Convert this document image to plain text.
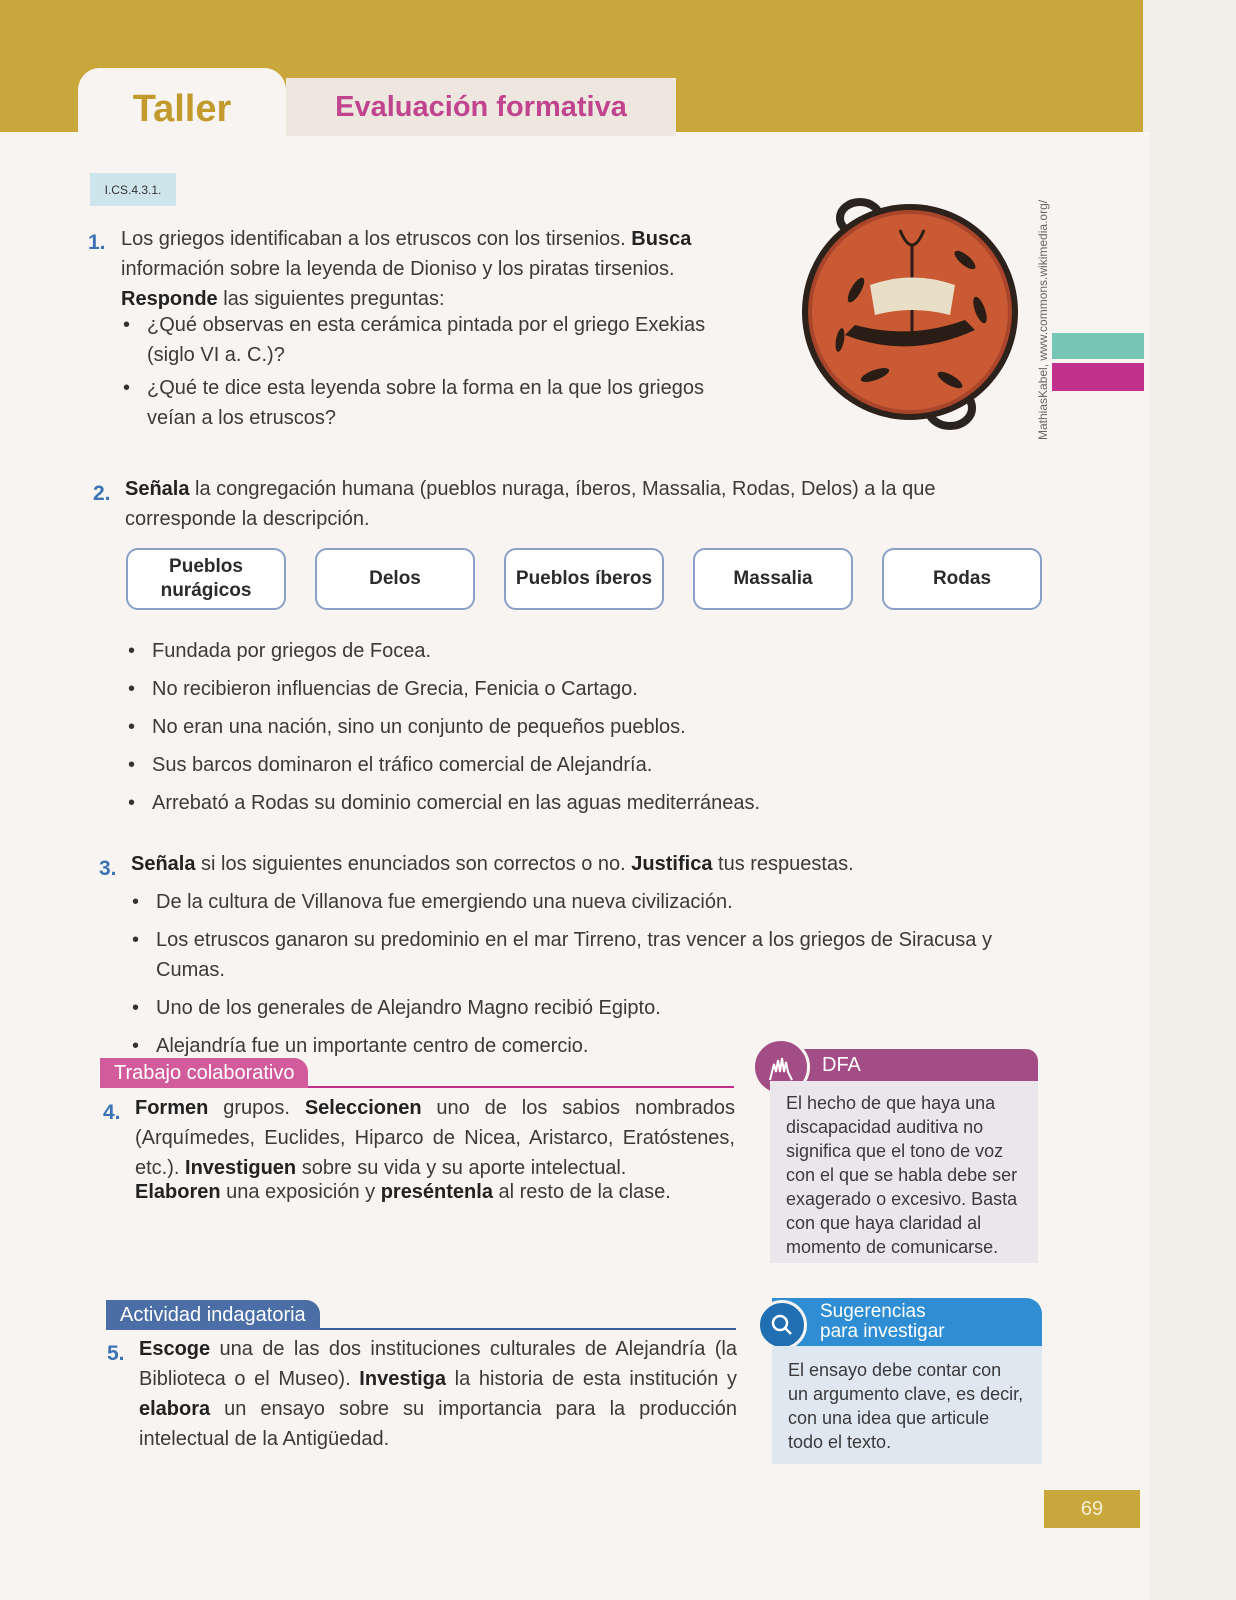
Taller	Evaluación formativa
I.CS.4.3.1.
1. Los griegos identificaban a los etruscos con los tirsenios. Busca información sobre la leyenda de Dioniso y los piratas tirsenios. Responde las siguientes preguntas:
• ¿Qué observas en esta cerámica pintada por el griego Exekias (siglo VI a. C.)?
• ¿Qué te dice esta leyenda sobre la forma en la que los griegos veían a los etruscos?	MathiasKabel, www.commons.wikimedia.org/
2. Señala la congregación humana (pueblos nuraga, íberos, Massalia, Rodas, Delos) a la que corresponde la descripción.
Pueblos nurágicos
Delos	Pueblos íberos	Massalia	Rodas
• Fundada por griegos de Focea.
• No recibieron influencias de Grecia, Fenicia o Cartago.
• No eran una nación, sino un conjunto de pequeños pueblos.
• Sus barcos dominaron el tráfico comercial de Alejandría.
• Arrebató a Rodas su dominio comercial en las aguas mediterráneas.
3. Señala si los siguientes enunciados son correctos o no. Justifica tus respuestas.
• De la cultura de Villanova fue emergiendo una nueva civilización.
• Los etruscos ganaron su predominio en el mar Tirreno, tras vencer a los griegos de Siracusa y Cumas.
• Uno de los generales de Alejandro Magno recibió Egipto.
• Alejandría fue un importante centro de comercio.
Trabajo colaborativo
4. Formen grupos. Seleccionen uno de los sabios nombrados (Arquímedes, Euclides, Hiparco de Nicea, Aristarco, Eratóstenes, etc.). Investiguen sobre su vida y su aporte intelectual.
Elaboren una exposición y preséntenla al resto de la clase.
DFA
El hecho de que haya una discapacidad auditiva no significa que el tono de voz con el que se habla debe ser exagerado o excesivo. Basta con que haya claridad al momento de comunicarse.
Actividad indagatoria
5. Escoge una de las dos instituciones culturales de Alejandría (la Biblioteca o el Museo). Investiga la historia de esta institución y elabora un ensayo sobre su importancia para la producción intelectual de la Antigüedad.
Sugerencias
para investigar
El ensayo debe contar con un argumento clave, es decir, con una idea que articule todo el texto.
69
